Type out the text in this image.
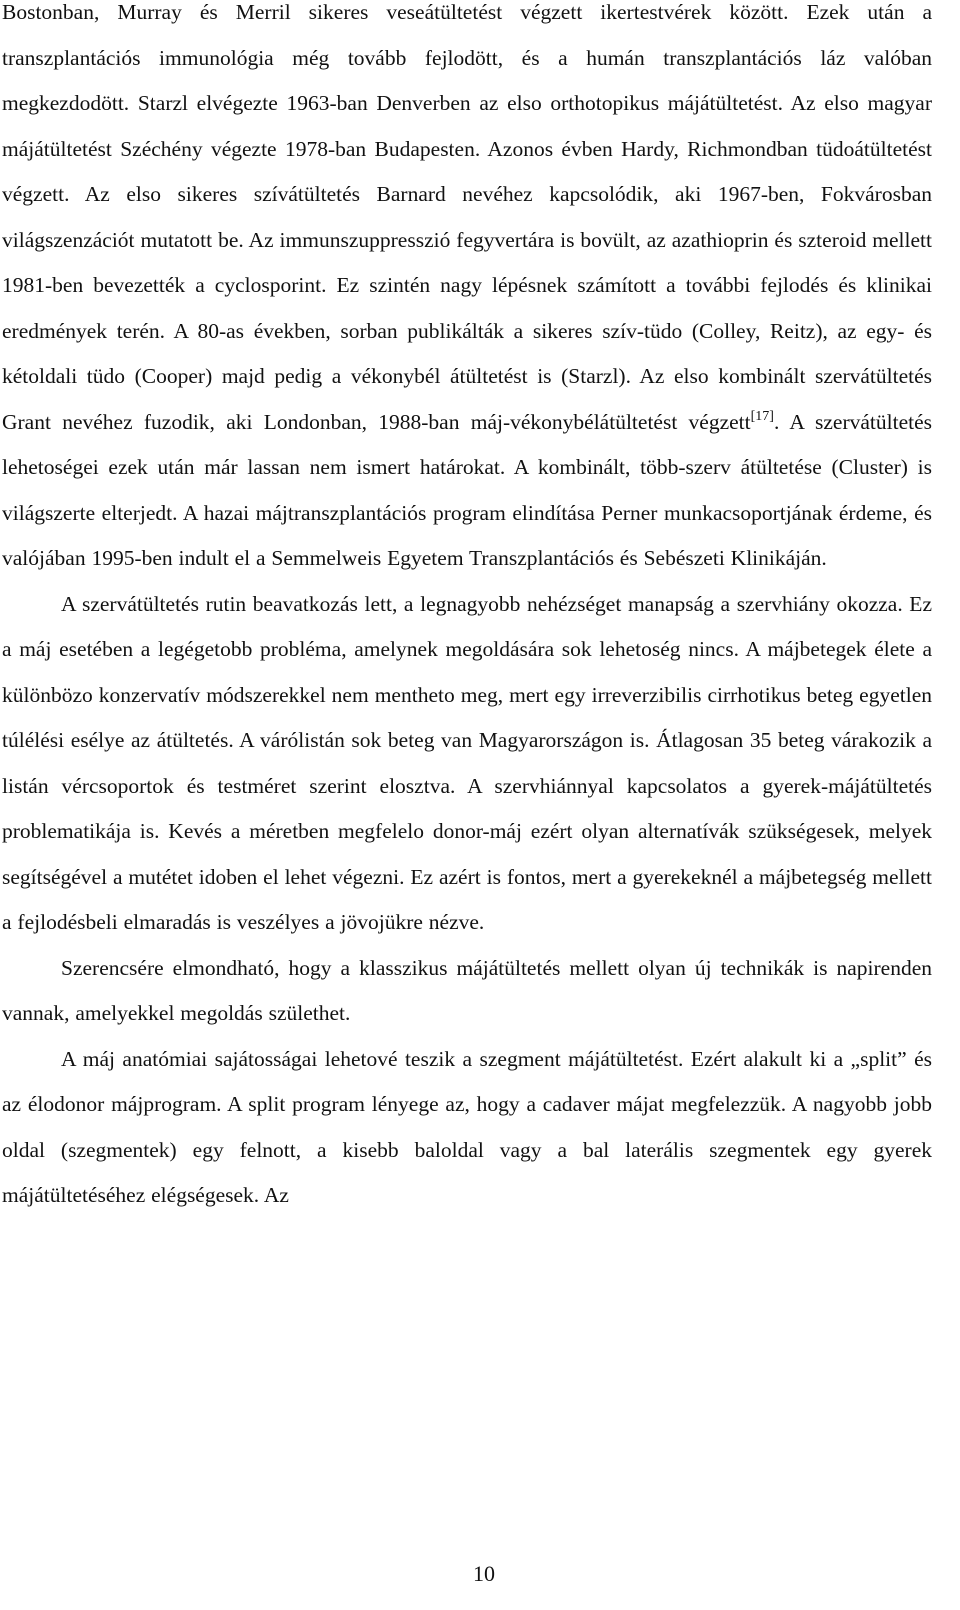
Bostonban, Murray és Merril sikeres veseátültetést végzett ikertestvérek között. Ezek után a transzplantációs immunológia még tovább fejlodött, és a humán transzplantációs láz valóban megkezdodött. Starzl elvégezte 1963-ban Denverben az elso orthotopikus májátültetést. Az elso magyar májátültetést Széchény végezte 1978-ban Budapesten. Azonos évben Hardy, Richmondban tüdoátültetést végzett. Az elso sikeres szívátültetés Barnard nevéhez kapcsolódik, aki 1967-ben, Fokvárosban világszenzációt mutatott be. Az immunszuppresszió fegyvertára is bovült, az azathioprin és szteroid mellett 1981-ben bevezették a cyclosporint. Ez szintén nagy lépésnek számított a további fejlodés és klinikai eredmények terén. A 80-as években, sorban publikálták a sikeres szív-tüdo (Colley, Reitz), az egy- és kétoldali tüdo (Cooper) majd pedig a vékonybél átültetést is (Starzl). Az elso kombinált szervátültetés Grant nevéhez fuzodik, aki Londonban, 1988-ban máj-vékonybélátültetést végzett[17]. A szervátültetés lehetoségei ezek után már lassan nem ismert határokat. A kombinált, több-szerv átültetése (Cluster) is világszerte elterjedt. A hazai májtranszplantációs program elindítása Perner munkacsoportjának érdeme, és valójában 1995-ben indult el a Semmelweis Egyetem Transzplantációs és Sebészeti Klinikáján.

A szervátültetés rutin beavatkozás lett, a legnagyobb nehézséget manapság a szervhiány okozza. Ez a máj esetében a legégetobb probléma, amelynek megoldására sok lehetoség nincs. A májbetegek élete a különbözo konzervatív módszerekkel nem mentheto meg, mert egy irreverzibilis cirrhotikus beteg egyetlen túlélési esélye az átültetés. A várólistán sok beteg van Magyarországon is. Átlagosan 35 beteg várakozik a listán vércsoportok és testméret szerint elosztva. A szervhiánnyal kapcsolatos a gyerek-májátültetés problematikája is. Kevés a méretben megfelelo donor-máj ezért olyan alternatívák szükségesek, melyek segítségével a mutétet idoben el lehet végezni. Ez azért is fontos, mert a gyerekeknél a májbetegség mellett a fejlodésbeli elmaradás is veszélyes a jövojükre nézve.

Szerencsére elmondható, hogy a klasszikus májátültetés mellett olyan új technikák is napirenden vannak, amelyekkel megoldás születhet.

A máj anatómiai sajátosságai lehetové teszik a szegment májátültetést. Ezért alakult ki a „split” és az élodonor májprogram. A split program lényege az, hogy a cadaver májat megfelezzük. A nagyobb jobb oldal (szegmentek) egy felnott, a kisebb baloldal vagy a bal laterális szegmentek egy gyerek májátültetéséhez elégségesek. Az

10
